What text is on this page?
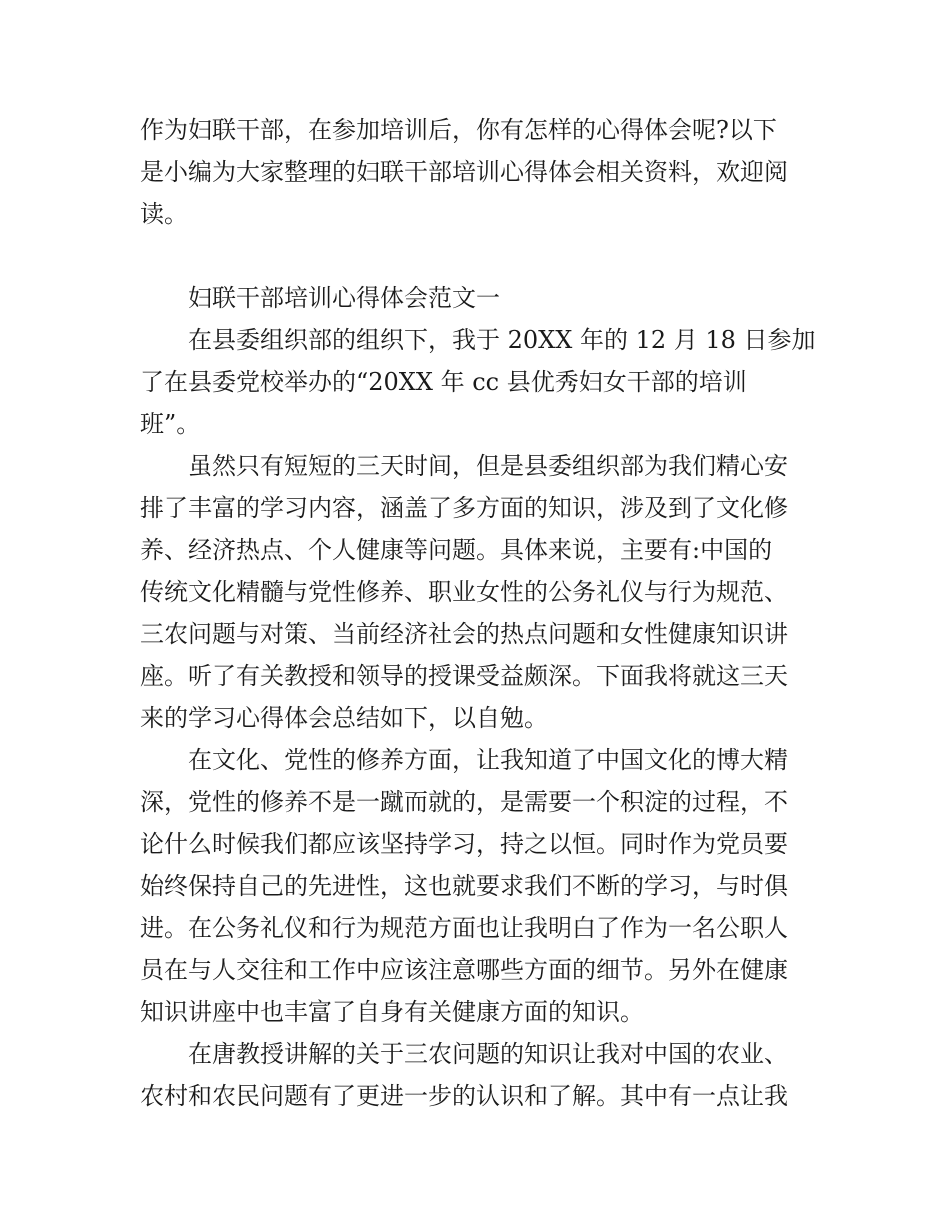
作为妇联干部，在参加培训后，你有怎样的心得体会呢?以下
是小编为大家整理的妇联干部培训心得体会相关资料，欢迎阅
读。
妇联干部培训心得体会范文一
在县委组织部的组织下，我于 20XX 年的 12 月 18 日参加
了在县委党校举办的“20XX 年 cc 县优秀妇女干部的培训
班”。
虽然只有短短的三天时间，但是县委组织部为我们精心安
排了丰富的学习内容，涵盖了多方面的知识，涉及到了文化修
养、经济热点、个人健康等问题。具体来说，主要有:中国的
传统文化精髓与党性修养、职业女性的公务礼仪与行为规范、
三农问题与对策、当前经济社会的热点问题和女性健康知识讲
座。听了有关教授和领导的授课受益颇深。下面我将就这三天
来的学习心得体会总结如下，以自勉。
在文化、党性的修养方面，让我知道了中国文化的博大精
深，党性的修养不是一蹴而就的，是需要一个积淀的过程，不
论什么时候我们都应该坚持学习，持之以恒。同时作为党员要
始终保持自己的先进性，这也就要求我们不断的学习，与时俱
进。在公务礼仪和行为规范方面也让我明白了作为一名公职人
员在与人交往和工作中应该注意哪些方面的细节。另外在健康
知识讲座中也丰富了自身有关健康方面的知识。
在唐教授讲解的关于三农问题的知识让我对中国的农业、
农村和农民问题有了更进一步的认识和了解。其中有一点让我
